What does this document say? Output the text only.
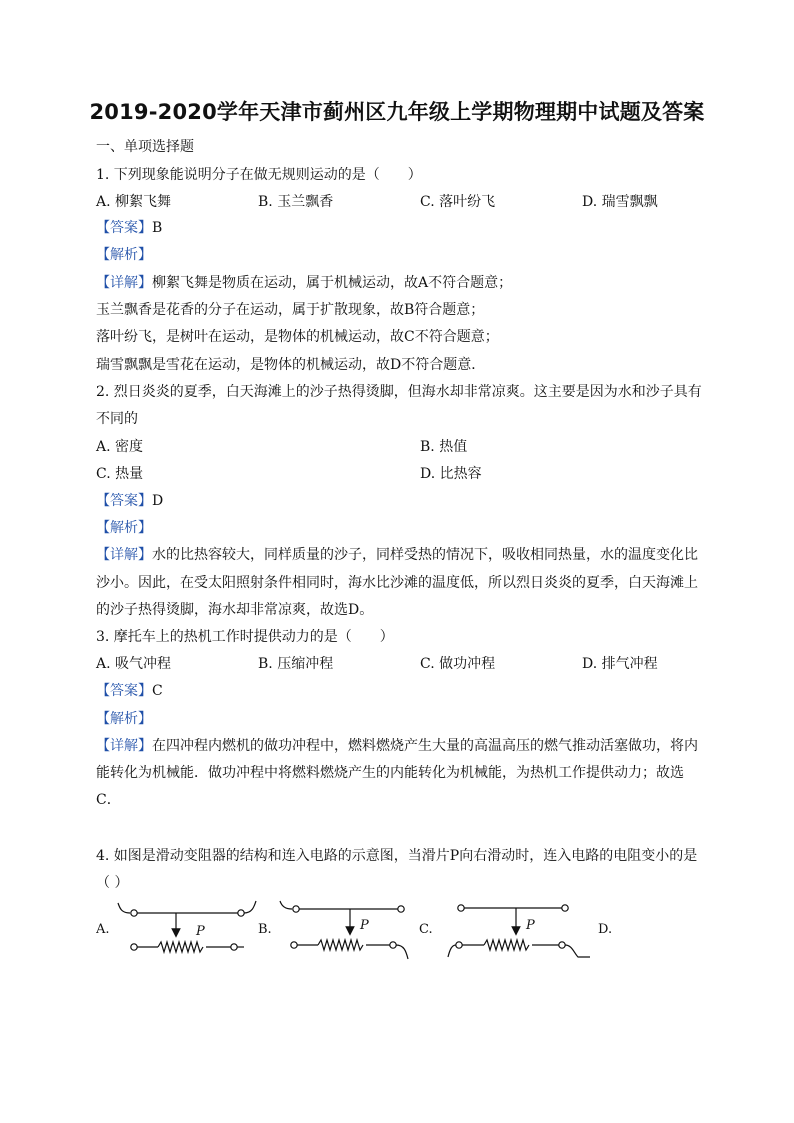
2019-2020学年天津市蓟州区九年级上学期物理期中试题及答案
一、单项选择题
1. 下列现象能说明分子在做无规则运动的是（　　）
A. 柳絮飞舞	B. 玉兰飘香	C. 落叶纷飞	D. 瑞雪飘飘
【答案】B
【解析】
【详解】柳絮飞舞是物质在运动，属于机械运动，故A不符合题意；
玉兰飘香是花香的分子在运动，属于扩散现象，故B符合题意；
落叶纷飞，是树叶在运动，是物体的机械运动，故C不符合题意；
瑞雪飘飘是雪花在运动，是物体的机械运动，故D不符合题意．
2. 烈日炎炎的夏季，白天海滩上的沙子热得烫脚，但海水却非常凉爽。这主要是因为水和沙子具有
不同的
A. 密度	B. 热值
C. 热量	D. 比热容
【答案】D
【解析】
【详解】水的比热容较大，同样质量的沙子，同样受热的情况下，吸收相同热量，水的温度变化比
沙小。因此，在受太阳照射条件相同时，海水比沙滩的温度低，所以烈日炎炎的夏季，白天海滩上
的沙子热得烫脚，海水却非常凉爽，故选D。
3. 摩托车上的热机工作时提供动力的是（　　）
A. 吸气冲程	B. 压缩冲程	C. 做功冲程	D. 排气冲程
【答案】C
【解析】
【详解】在四冲程内燃机的做功冲程中，燃料燃烧产生大量的高温高压的燃气推动活塞做功，将内
能转化为机械能．做功冲程中将燃料燃烧产生的内能转化为机械能，为热机工作提供动力；故选
C．
4. 如图是滑动变阻器的结构和连入电路的示意图，当滑片P向右滑动时，连入电路的电阻变小的是
（ ）
A.	P	B.	P	C.	P	D.
